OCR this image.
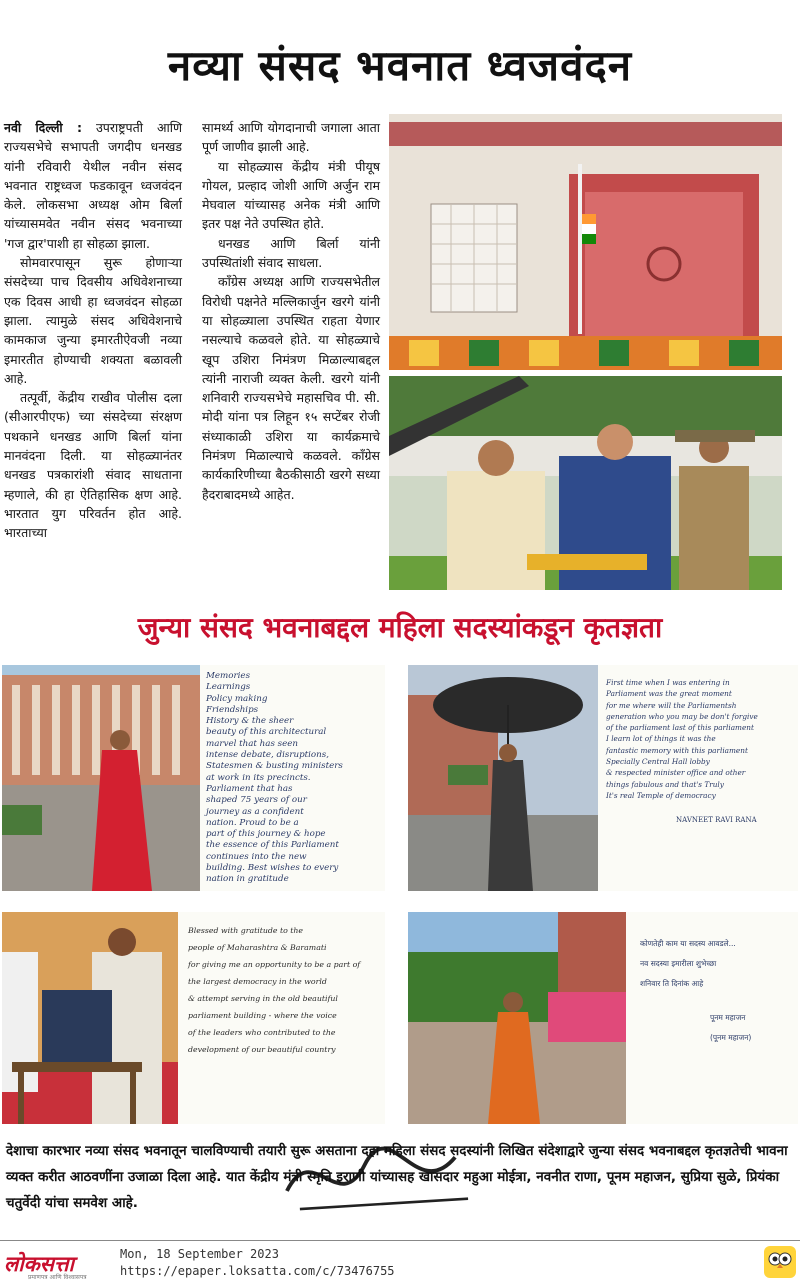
नव्या संसद भवनात ध्वजवंदन

नवी दिल्ली : उपराष्ट्रपती आणि राज्यसभेचे सभापती जगदीप धनखड यांनी रविवारी येथील नवीन संसद भवनात राष्ट्रध्वज फडकावून ध्वजवंदन केले. लोकसभा अध्यक्ष ओम बिर्ला यांच्यासमवेत नवीन संसद भवनाच्या 'गज द्वार'पाशी हा सोहळा झाला.

सोमवारपासून सुरू होणाऱ्या संसदेच्या पाच दिवसीय अधिवेशनाच्या एक दिवस आधी हा ध्वजवंदन सोहळा झाला. त्यामुळे संसद अधिवेशनाचे कामकाज जुन्या इमारतीऐवजी नव्या इमारतीत होण्याची शक्यता बळावली आहे.

तत्पूर्वी, केंद्रीय राखीव पोलीस दला (सीआरपीएफ) च्या संसदेच्या संरक्षण पथकाने धनखड आणि बिर्ला यांना मानवंदना दिली. या सोहळ्यानंतर धनखड पत्रकारांशी संवाद साधताना म्हणाले, की हा ऐतिहासिक क्षण आहे. भारतात युग परिवर्तन होत आहे. भारताच्या

सामर्थ्य आणि योगदानाची जगाला आता पूर्ण जाणीव झाली आहे.

या सोहळ्यास केंद्रीय मंत्री पीयूष गोयल, प्रल्हाद जोशी आणि अर्जुन राम मेघवाल यांच्यासह अनेक मंत्री आणि इतर पक्ष नेते उपस्थित होते.

धनखड आणि बिर्ला यांनी उपस्थितांशी संवाद साधला.

काँग्रेस अध्यक्ष आणि राज्यसभेतील विरोधी पक्षनेते मल्लिकार्जुन खरगे यांनी या सोहळ्याला उपस्थित राहता येणार नसल्याचे कळवले होते. या सोहळ्याचे खूप उशिरा निमंत्रण मिळाल्याबद्दल त्यांनी नाराजी व्यक्त केली. खरगे यांनी शनिवारी राज्यसभेचे महासचिव पी. सी. मोदी यांना पत्र लिहून १५ सप्टेंबर रोजी संध्याकाळी उशिरा या कार्यक्रमाचे निमंत्रण मिळाल्याचे कळवले. काँग्रेस कार्यकारिणीच्या बैठकीसाठी खरगे सध्या हैदराबादमध्ये आहेत.

जुन्या संसद भवनाबद्दल महिला सदस्यांकडून कृतज्ञता
Memories
Learnings
Policy making
Friendships
History & the sheer
beauty of this architectural
marvel that has seen
intense debate, disruptions,
Statesmen & busting ministers
at work in its precincts.
Parliament that has
shaped 75 years of our
journey as a confident
nation. Proud to be a
part of this journey & hope
the essence of this Parliament
continues into the new
building. Best wishes to every
nation in gratitude
First time when I was entering in
Parliament was the great moment
for me where will the Parliamentsh
generation who you may be don't forgive
of the parliament last of this parliament
I learn lot of things it was the
fantastic memory with this parliament
Specially Central Hall lobby
& respected minister office and other
things fabulous and that's Truly
It's real Temple of democracy
NAVNEET RAVI RANA
Blessed with gratitude to the
people of Maharashtra & Baramati
for giving me an opportunity to be a part of
the largest democracy in the world
& attempt serving in the old beautiful
parliament building - where the voice
of the leaders who contributed to the
development of our beautiful country
कोणतेही काम या सदस्य आवडले...
नव सदस्या इमारीला शुभेच्छा
शनिवार ति दिनांक आहे
पूनम महाजन
(पूनम महाजन)
देशाचा कारभार नव्या संसद भवनातून चालविण्याची तयारी सुरू असताना दहा महिला संसद सदस्यांनी लिखित संदेशाद्वारे जुन्या संसद भवनाबद्दल कृतज्ञतेची भावना व्यक्त करीत आठवणींना उजाळा दिला आहे. यात केंद्रीय मंत्री स्मृति इराणी यांच्यासह खासदार महुआ मोईत्रा, नवनीत राणा, पूनम महाजन, सुप्रिया सुळे, प्रियंका चतुर्वेदी यांचा समवेश आहे.
लोकसत्ता
प्रमाणपत्र आणि विश्वासपत्र
Mon, 18 September 2023
https://epaper.loksatta.com/c/73476755
